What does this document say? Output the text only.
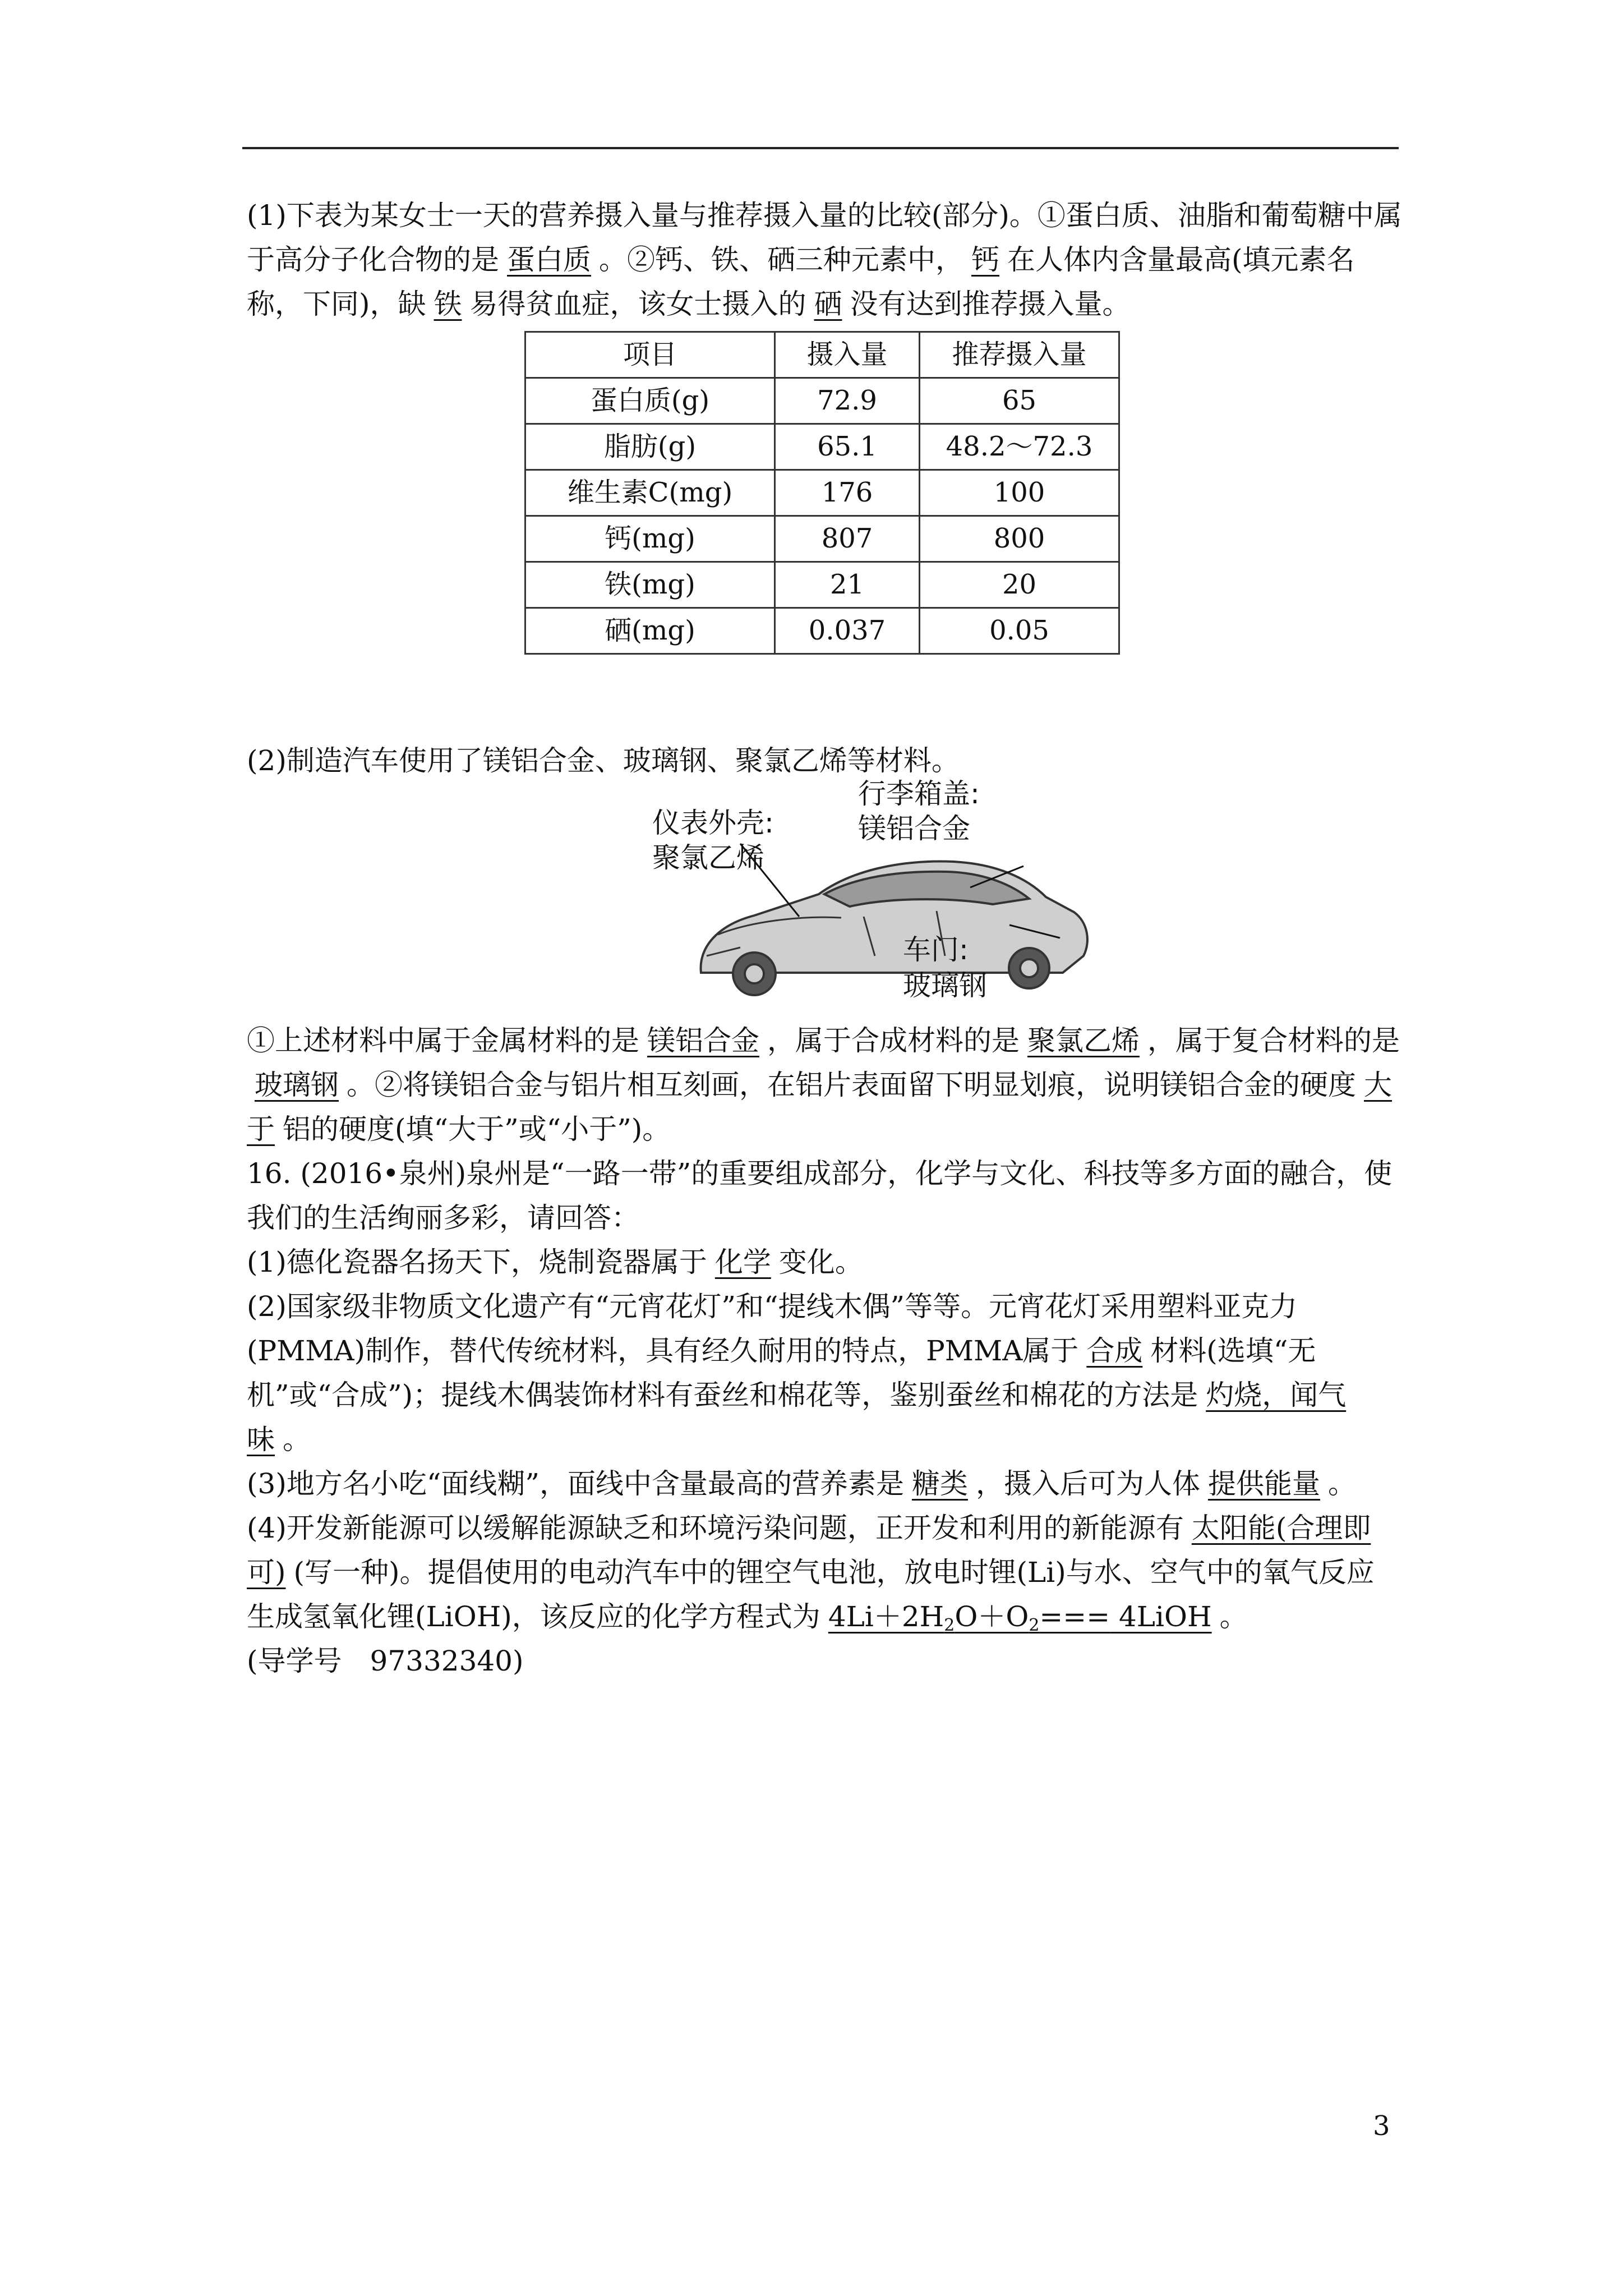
(1)下表为某女士一天的营养摄入量与推荐摄入量的比较(部分)。①蛋白质、油脂和葡萄糖中属于高分子化合物的是 蛋白质 。②钙、铁、硒三种元素中， 钙 在人体内含量最高(填元素名称，下同)，缺 铁 易得贫血症，该女士摄入的 硒 没有达到推荐摄入量。

项目	摄入量	推荐摄入量
蛋白质(g)	72.9	65
脂肪(g)	65.1	48.2～72.3
维生素C(mg)	176	100
钙(mg)	807	800
铁(mg)	21	20
硒(mg)	0.037	0.05

(2)制造汽车使用了镁铝合金、玻璃钢、聚氯乙烯等材料。

行李箱盖:
镁铝合金
仪表外壳:
聚氯乙烯
车门:
玻璃钢

①上述材料中属于金属材料的是 镁铝合金 ，属于合成材料的是 聚氯乙烯 ，属于复合材料的是玻璃钢 。②将镁铝合金与铝片相互刻画，在铝片表面留下明显划痕，说明镁铝合金的硬度 大于 铝的硬度(填“大于”或“小于”)。

16. (2016•泉州)泉州是“一路一带”的重要组成部分，化学与文化、科技等多方面的融合，使我们的生活绚丽多彩，请回答：

(1)德化瓷器名扬天下，烧制瓷器属于 化学 变化。

(2)国家级非物质文化遗产有“元宵花灯”和“提线木偶”等等。元宵花灯采用塑料亚克力(PMMA)制作，替代传统材料，具有经久耐用的特点，PMMA属于 合成 材料(选填“无机”或“合成”)；提线木偶装饰材料有蚕丝和棉花等，鉴别蚕丝和棉花的方法是 灼烧，闻气味 。

(3)地方名小吃“面线糊”，面线中含量最高的营养素是 糖类 ，摄入后可为人体 提供能量 。

(4)开发新能源可以缓解能源缺乏和环境污染问题，正开发和利用的新能源有 太阳能(合理即可) (写一种)。提倡使用的电动汽车中的锂空气电池，放电时锂(Li)与水、空气中的氧气反应生成氢氧化锂(LiOH)，该反应的化学方程式为 $4Li+2H_2O+O_2===$ 4LiOH 。

(导学号　97332340)

3
